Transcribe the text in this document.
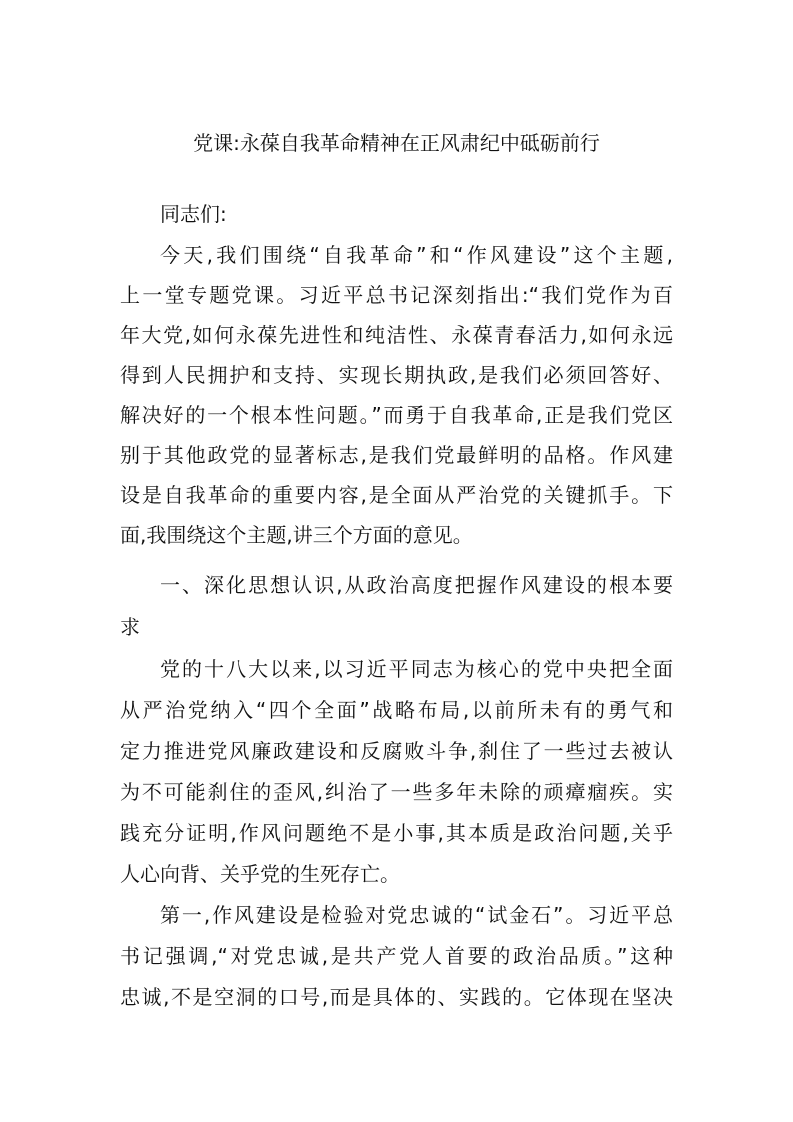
党课:永葆自我革命精神在正风肃纪中砥砺前行
同志们:
今天,我们围绕“自我革命”和“作风建设”这个主题,
上一堂专题党课。习近平总书记深刻指出:“我们党作为百
年大党,如何永葆先进性和纯洁性、永葆青春活力,如何永远
得到人民拥护和支持、实现长期执政,是我们必须回答好、
解决好的一个根本性问题。”而勇于自我革命,正是我们党区
别于其他政党的显著标志,是我们党最鲜明的品格。作风建
设是自我革命的重要内容,是全面从严治党的关键抓手。下
面,我围绕这个主题,讲三个方面的意见。
一、深化思想认识,从政治高度把握作风建设的根本要
求
党的十八大以来,以习近平同志为核心的党中央把全面
从严治党纳入“四个全面”战略布局,以前所未有的勇气和
定力推进党风廉政建设和反腐败斗争,刹住了一些过去被认
为不可能刹住的歪风,纠治了一些多年未除的顽瘴痼疾。实
践充分证明,作风问题绝不是小事,其本质是政治问题,关乎
人心向背、关乎党的生死存亡。
第一,作风建设是检验对党忠诚的“试金石”。习近平总
书记强调,“对党忠诚,是共产党人首要的政治品质。”这种
忠诚,不是空洞的口号,而是具体的、实践的。它体现在坚决
